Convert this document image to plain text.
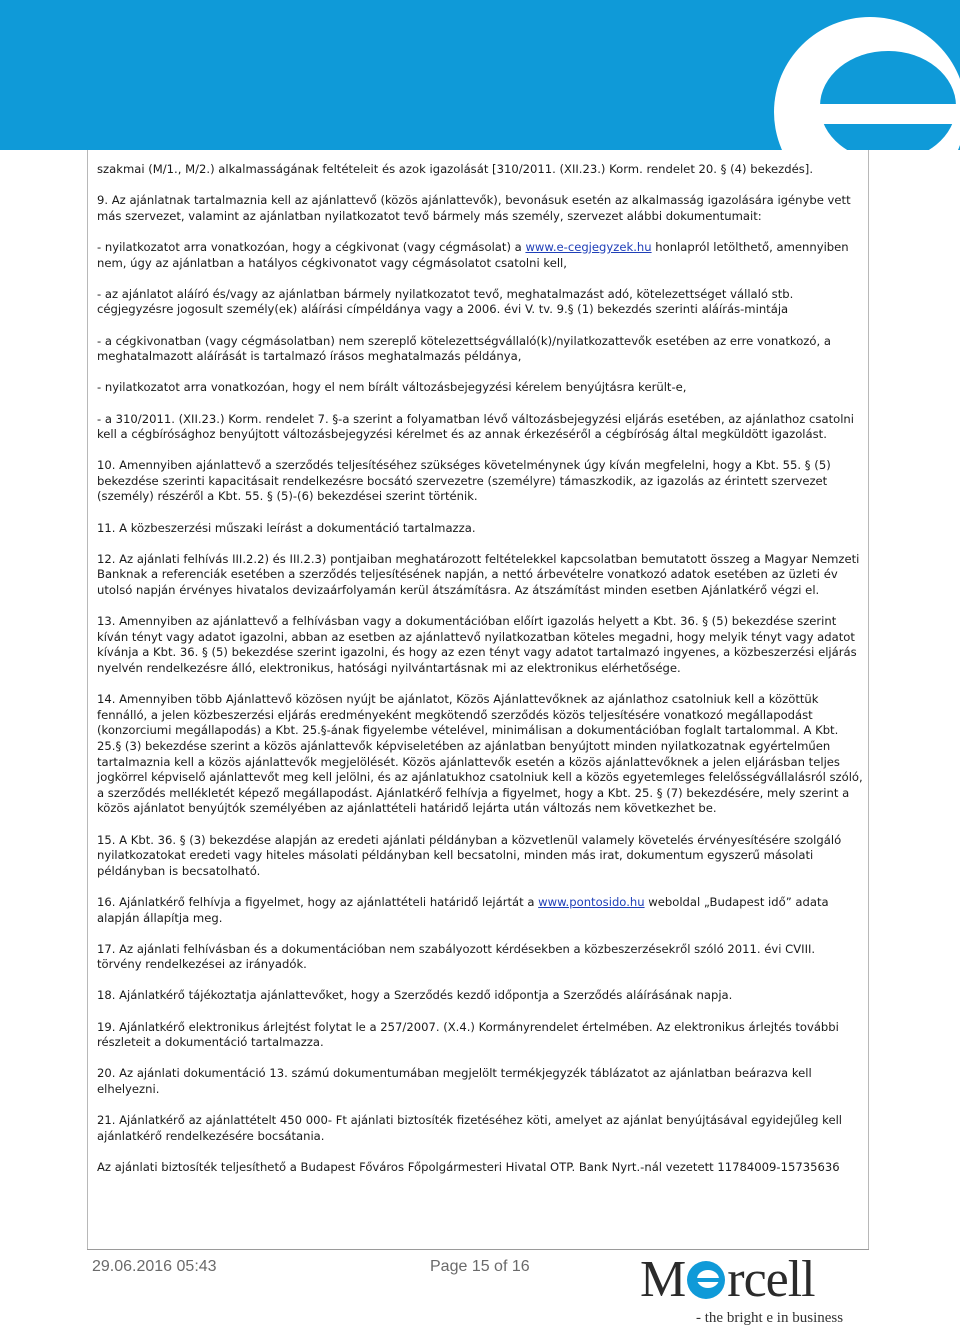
szakmai (M/1., M/2.) alkalmasságának feltételeit és azok igazolását [310/2011. (XII.23.) Korm. rendelet 20. § (4) bekezdés].

9. Az ajánlatnak tartalmaznia kell az ajánlattevő (közös ajánlattevők), bevonásuk esetén az alkalmasság igazolására igénybe vett más szervezet, valamint az ajánlatban nyilatkozatot tevő bármely más személy, szervezet alábbi dokumentumait:

- nyilatkozatot arra vonatkozóan, hogy a cégkivonat (vagy cégmásolat) a www.e-cegjegyzek.hu honlapról letölthető, amennyiben nem, úgy az ajánlatban a hatályos cégkivonatot vagy cégmásolatot csatolni kell,

- az ajánlatot aláíró és/vagy az ajánlatban bármely nyilatkozatot tevő, meghatalmazást adó, kötelezettséget vállaló stb. cégjegyzésre jogosult személy(ek) aláírási címpéldánya vagy a 2006. évi V. tv. 9.§ (1) bekezdés szerinti aláírás-mintája

- a cégkivonatban (vagy cégmásolatban) nem szereplő kötelezettségvállaló(k)/nyilatkozattevők esetében az erre vonatkozó, a meghatalmazott aláírását is tartalmazó írásos meghatalmazás példánya,

- nyilatkozatot arra vonatkozóan, hogy el nem bírált változásbejegyzési kérelem benyújtásra került-e,

- a 310/2011. (XII.23.) Korm. rendelet 7. §-a szerint a folyamatban lévő változásbejegyzési eljárás esetében, az ajánlathoz csatolni kell a cégbírósághoz benyújtott változásbejegyzési kérelmet és az annak érkezéséről a cégbíróság által megküldött igazolást.

10. Amennyiben ajánlattevő a szerződés teljesítéséhez szükséges követelménynek úgy kíván megfelelni, hogy a Kbt. 55. § (5) bekezdése szerinti kapacitásait rendelkezésre bocsátó szervezetre (személyre) támaszkodik, az igazolás az érintett szervezet (személy) részéről a Kbt. 55. § (5)-(6) bekezdései szerint történik.

11. A közbeszerzési műszaki leírást a dokumentáció tartalmazza.

12. Az ajánlati felhívás III.2.2) és III.2.3) pontjaiban meghatározott feltételekkel kapcsolatban bemutatott összeg a Magyar Nemzeti Banknak a referenciák esetében a szerződés teljesítésének napján, a nettó árbevételre vonatkozó adatok esetében az üzleti év utolsó napján érvényes hivatalos devizaárfolyamán kerül átszámításra. Az átszámítást minden esetben Ajánlatkérő végzi el.

13. Amennyiben az ajánlattevő a felhívásban vagy a dokumentációban előírt igazolás helyett a Kbt. 36. § (5) bekezdése szerint kíván tényt vagy adatot igazolni, abban az esetben az ajánlattevő nyilatkozatban köteles megadni, hogy melyik tényt vagy adatot kívánja a Kbt. 36. § (5) bekezdése szerint igazolni, és hogy az ezen tényt vagy adatot tartalmazó ingyenes, a közbeszerzési eljárás nyelvén rendelkezésre álló, elektronikus, hatósági nyilvántartásnak mi az elektronikus elérhetősége.

14. Amennyiben több Ajánlattevő közösen nyújt be ajánlatot, Közös Ajánlattevőknek az ajánlathoz csatolniuk kell a közöttük fennálló, a jelen közbeszerzési eljárás eredményeként megkötendő szerződés közös teljesítésére vonatkozó megállapodást (konzorciumi megállapodás) a Kbt. 25.§-ának figyelembe vételével, minimálisan a dokumentációban foglalt tartalommal. A Kbt. 25.§ (3) bekezdése szerint a közös ajánlattevők képviseletében az ajánlatban benyújtott minden nyilatkozatnak egyértelműen tartalmaznia kell a közös ajánlattevők megjelölését. Közös ajánlattevők esetén a közös ajánlattevőknek a jelen eljárásban teljes jogkörrel képviselő ajánlattevőt meg kell jelölni, és az ajánlatukhoz csatolniuk kell a közös egyetemleges felelősségvállalásról szóló, a szerződés mellékletét képező megállapodást. Ajánlatkérő felhívja a figyelmet, hogy a Kbt. 25. § (7) bekezdésére, mely szerint a közös ajánlatot benyújtók személyében az ajánlattételi határidő lejárta után változás nem következhet be.

15. A Kbt. 36. § (3) bekezdése alapján az eredeti ajánlati példányban a közvetlenül valamely követelés érvényesítésére szolgáló nyilatkozatokat eredeti vagy hiteles másolati példányban kell becsatolni, minden más irat, dokumentum egyszerű másolati példányban is becsatolható.

16. Ajánlatkérő felhívja a figyelmet, hogy az ajánlattételi határidő lejártát a www.pontosido.hu weboldal „Budapest idő” adata alapján állapítja meg.

17. Az ajánlati felhívásban és a dokumentációban nem szabályozott kérdésekben a közbeszerzésekről szóló 2011. évi CVIII. törvény rendelkezései az irányadók.

18. Ajánlatkérő tájékoztatja ajánlattevőket, hogy a Szerződés kezdő időpontja a Szerződés aláírásának napja.

19. Ajánlatkérő elektronikus árlejtést folytat le a 257/2007. (X.4.) Kormányrendelet értelmében. Az elektronikus árlejtés további részleteit a dokumentáció tartalmazza.

20. Az ajánlati dokumentáció 13. számú dokumentumában megjelölt termékjegyzék táblázatot az ajánlatban beárazva kell elhelyezni.

21. Ajánlatkérő az ajánlattételt 450 000- Ft ajánlati biztosíték fizetéséhez köti, amelyet az ajánlat benyújtásával egyidejűleg kell ajánlatkérő rendelkezésére bocsátania.

Az ajánlati biztosíték teljesíthető a Budapest Főváros Főpolgármesteri Hivatal OTP. Bank Nyrt.-nál vezetett 11784009-15735636

29.06.2016 05:43	Page 15 of 16 M rcell
- the bright e in business
